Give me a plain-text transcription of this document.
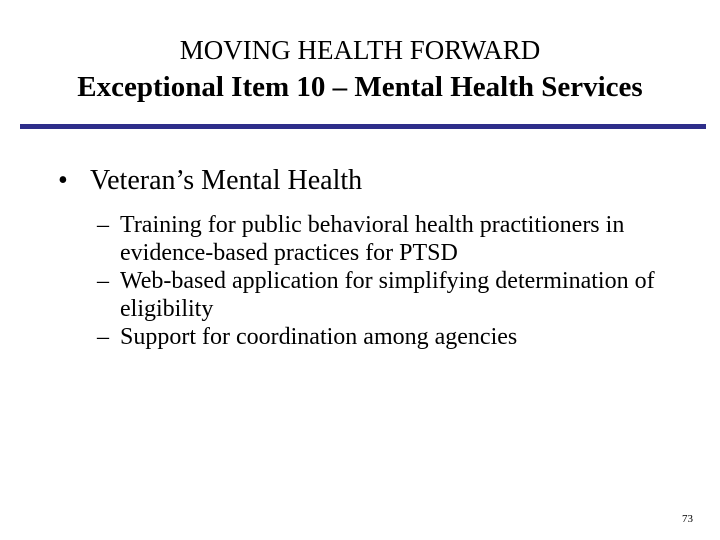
MOVING HEALTH FORWARD
Exceptional Item 10 – Mental Health Services
• Veteran’s Mental Health
– Training for public behavioral health practitioners in evidence-based practices for PTSD
– Web-based application for simplifying determination of eligibility
– Support for coordination among agencies
73
